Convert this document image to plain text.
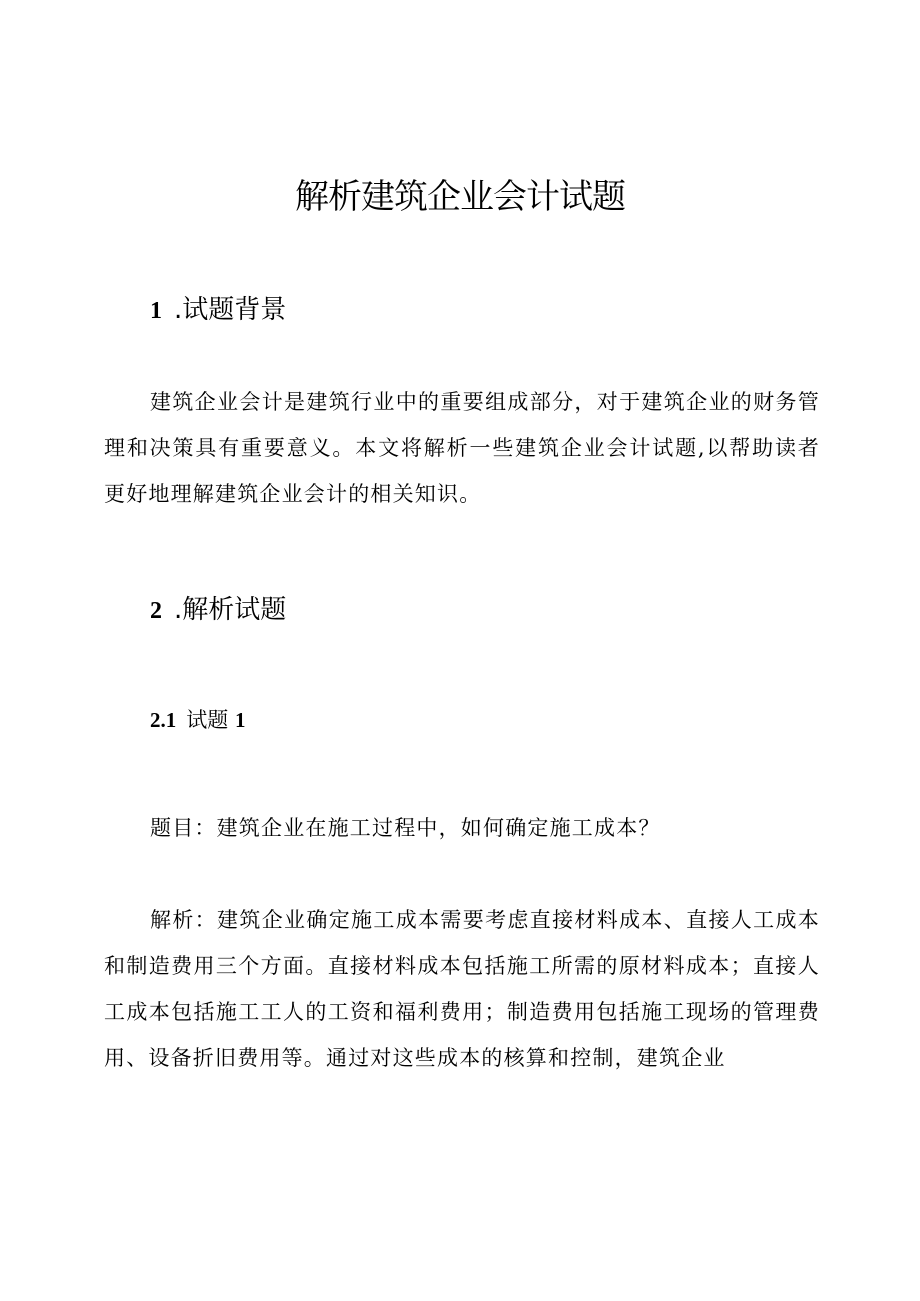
解析建筑企业会计试题
1 .试题背景

建筑企业会计是建筑行业中的重要组成部分，对于建筑企业的财务管理和决策具有重要意义。本文将解析一些建筑企业会计试题,以帮助读者更好地理解建筑企业会计的相关知识。

2 .解析试题
2.1 试题 1

题目：建筑企业在施工过程中，如何确定施工成本？

解析：建筑企业确定施工成本需要考虑直接材料成本、直接人工成本和制造费用三个方面。直接材料成本包括施工所需的原材料成本；直接人工成本包括施工工人的工资和福利费用；制造费用包括施工现场的管理费用、设备折旧费用等。通过对这些成本的核算和控制，建筑企业
